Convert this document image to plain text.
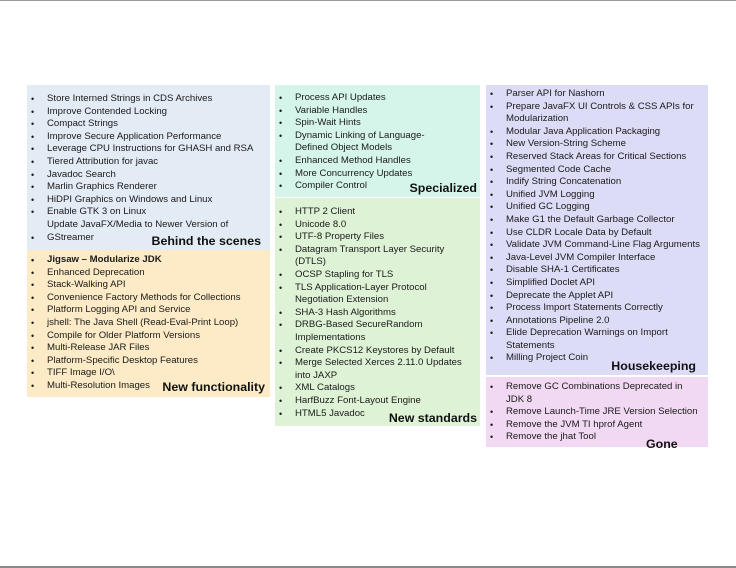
• Store Interned Strings in CDS Archives
• Improve Contended Locking
• Compact Strings
• Improve Secure Application Performance
• Leverage CPU Instructions for GHASH and RSA
• Tiered Attribution for javac
• Javadoc Search
• Marlin Graphics Renderer
• HiDPI Graphics on Windows and Linux
• Enable GTK 3 on Linux
Update JavaFX/Media to Newer Version of
• GStreamer	Behind the scenes
• Jigsaw – Modularize JDK
• Enhanced Deprecation
• Stack-Walking API
• Convenience Factory Methods for Collections
• Platform Logging API and Service
• jshell: The Java Shell (Read-Eval-Print Loop)
• Compile for Older Platform Versions
• Multi-Release JAR Files
• Platform-Specific Desktop Features
• TIFF Image I/O\
• Multi-Resolution Images	New functionality
• Process API Updates
• Variable Handles
• Spin-Wait Hints
• Dynamic Linking of Language-
Defined Object Models
• Enhanced Method Handles
• More Concurrency Updates
• Compiler Control	Specialized
• HTTP 2 Client
• Unicode 8.0
• UTF-8 Property Files
• Datagram Transport Layer Security
(DTLS)
• OCSP Stapling for TLS
• TLS Application-Layer Protocol
Negotiation Extension
• SHA-3 Hash Algorithms
• DRBG-Based SecureRandom
Implementations
• Create PKCS12 Keystores by Default
• Merge Selected Xerces 2.11.0 Updates
into JAXP
• XML Catalogs
• HarfBuzz Font-Layout Engine
• HTML5 Javadoc	New standards
• Parser API for Nashorn
• Prepare JavaFX UI Controls & CSS APIs for
Modularization
• Modular Java Application Packaging
• New Version-String Scheme
• Reserved Stack Areas for Critical Sections
• Segmented Code Cache
• Indify String Concatenation
• Unified JVM Logging
• Unified GC Logging
• Make G1 the Default Garbage Collector
• Use CLDR Locale Data by Default
• Validate JVM Command-Line Flag Arguments
• Java-Level JVM Compiler Interface
• Disable SHA-1 Certificates
• Simplified Doclet API
• Deprecate the Applet API
• Process Import Statements Correctly
• Annotations Pipeline 2.0
• Elide Deprecation Warnings on Import
Statements
• Milling Project Coin
Housekeeping
• Remove GC Combinations Deprecated in
JDK 8
• Remove Launch-Time JRE Version Selection
• Remove the JVM TI hprof Agent
• Remove the jhat Tool
Gone
